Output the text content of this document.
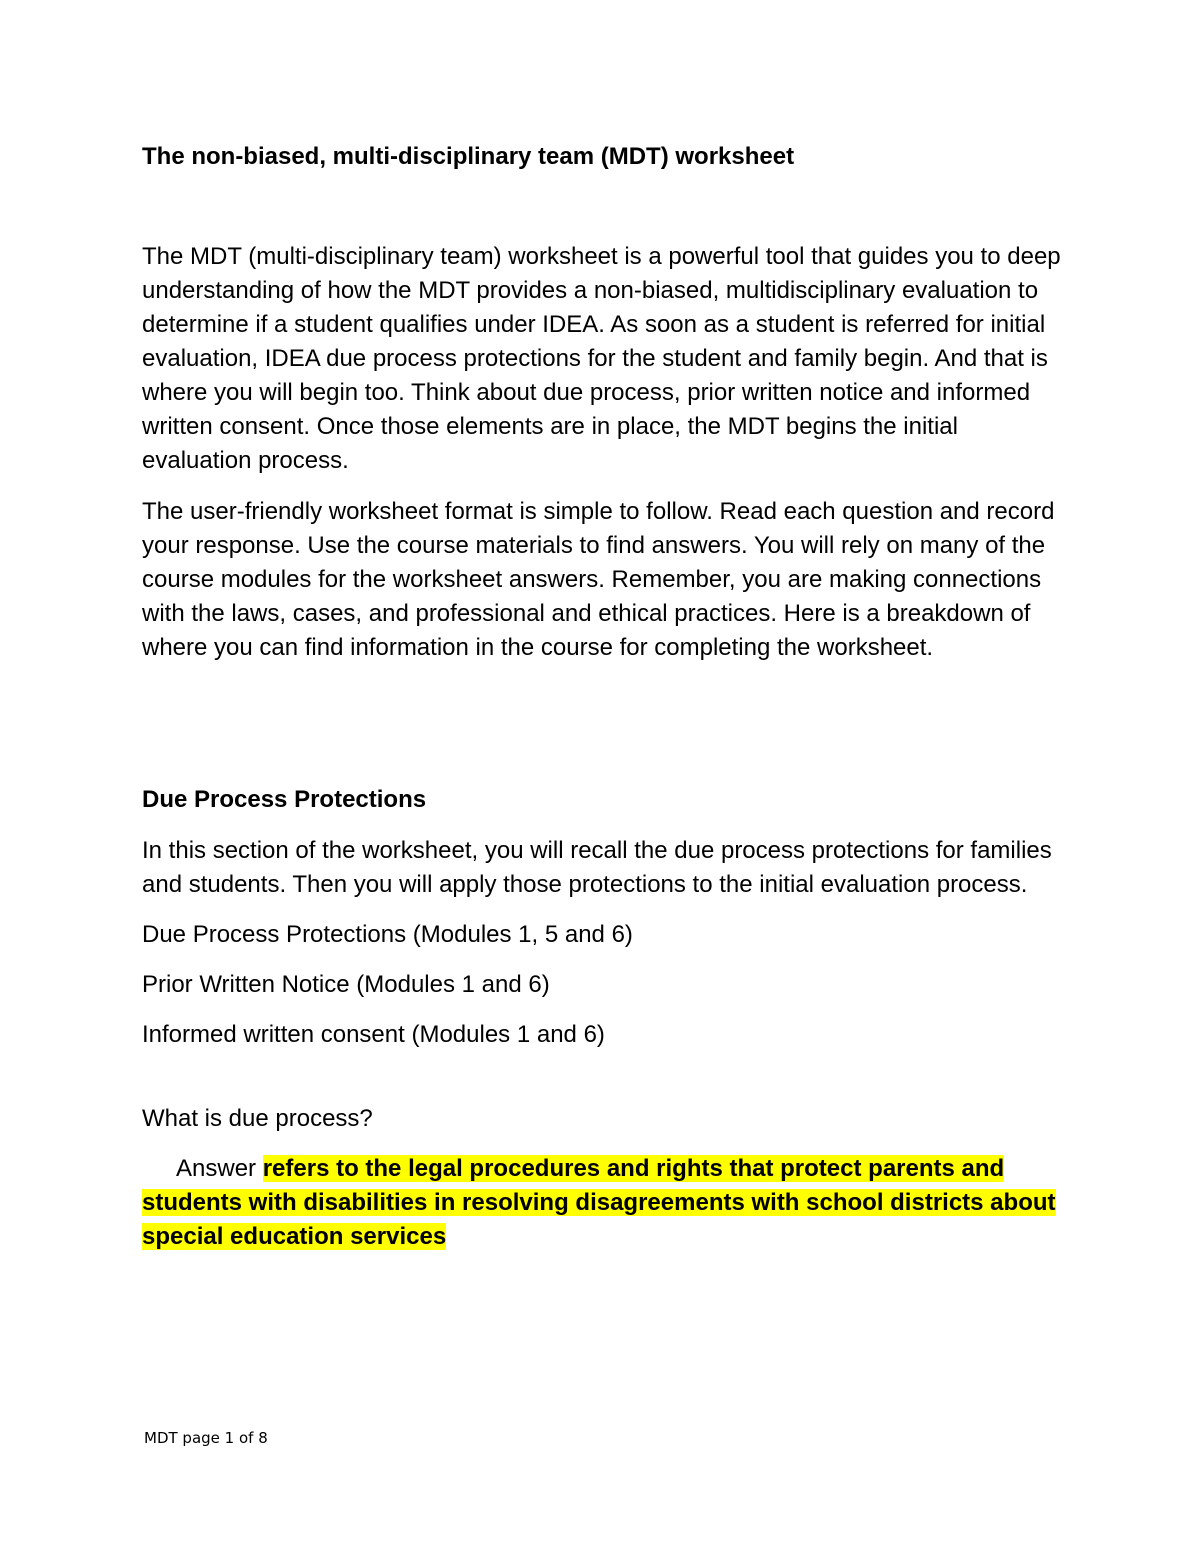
The non-biased, multi-disciplinary team (MDT) worksheet

The MDT (multi-disciplinary team) worksheet is a powerful tool that guides you to deep understanding of how the MDT provides a non-biased, multidisciplinary evaluation to determine if a student qualifies under IDEA. As soon as a student is referred for initial evaluation, IDEA due process protections for the student and family begin. And that is where you will begin too. Think about due process, prior written notice and informed written consent. Once those elements are in place, the MDT begins the initial evaluation process.

The user-friendly worksheet format is simple to follow. Read each question and record your response. Use the course materials to find answers. You will rely on many of the course modules for the worksheet answers. Remember, you are making connections with the laws, cases, and professional and ethical practices. Here is a breakdown of where you can find information in the course for completing the worksheet.

Due Process Protections

In this section of the worksheet, you will recall the due process protections for families and students. Then you will apply those protections to the initial evaluation process.

Due Process Protections (Modules 1, 5 and 6)

Prior Written Notice (Modules 1 and 6)

Informed written consent (Modules 1 and 6)

What is due process?

Answer refers to the legal procedures and rights that protect parents and students with disabilities in resolving disagreements with school districts about special education services

MDT page 1 of 8
